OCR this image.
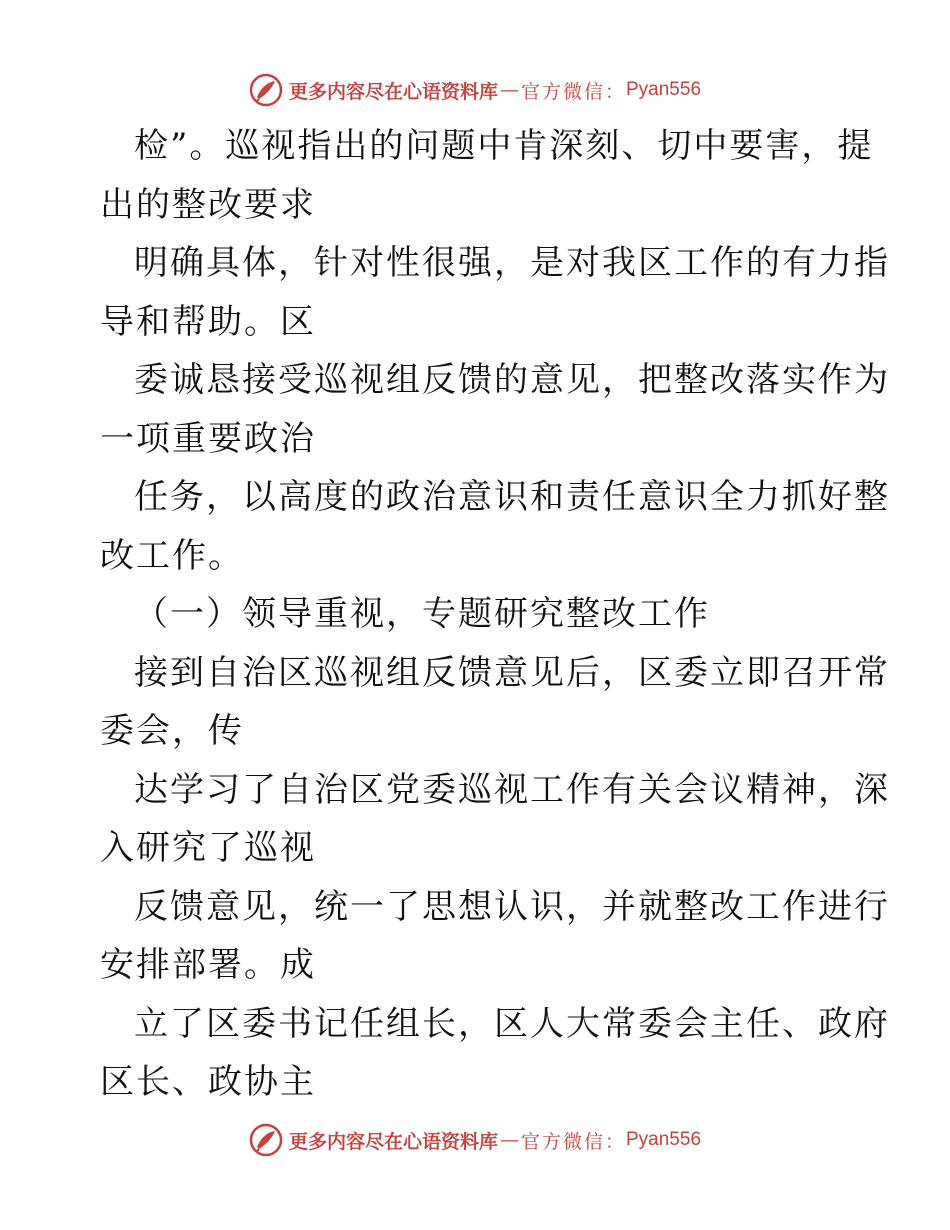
更多内容尽在心语资料库 — 官方微信： Pyan556
检”。巡视指出的问题中肯深刻、切中要害，提
出的整改要求
明确具体，针对性很强，是对我区工作的有力指
导和帮助。区
委诚恳接受巡视组反馈的意见，把整改落实作为
一项重要政治
任务，以高度的政治意识和责任意识全力抓好整
改工作。
（一）领导重视，专题研究整改工作
接到自治区巡视组反馈意见后，区委立即召开常
委会，传
达学习了自治区党委巡视工作有关会议精神，深
入研究了巡视
反馈意见，统一了思想认识，并就整改工作进行
安排部署。成
立了区委书记任组长，区人大常委会主任、政府
区长、政协主
更多内容尽在心语资料库 — 官方微信： Pyan556
